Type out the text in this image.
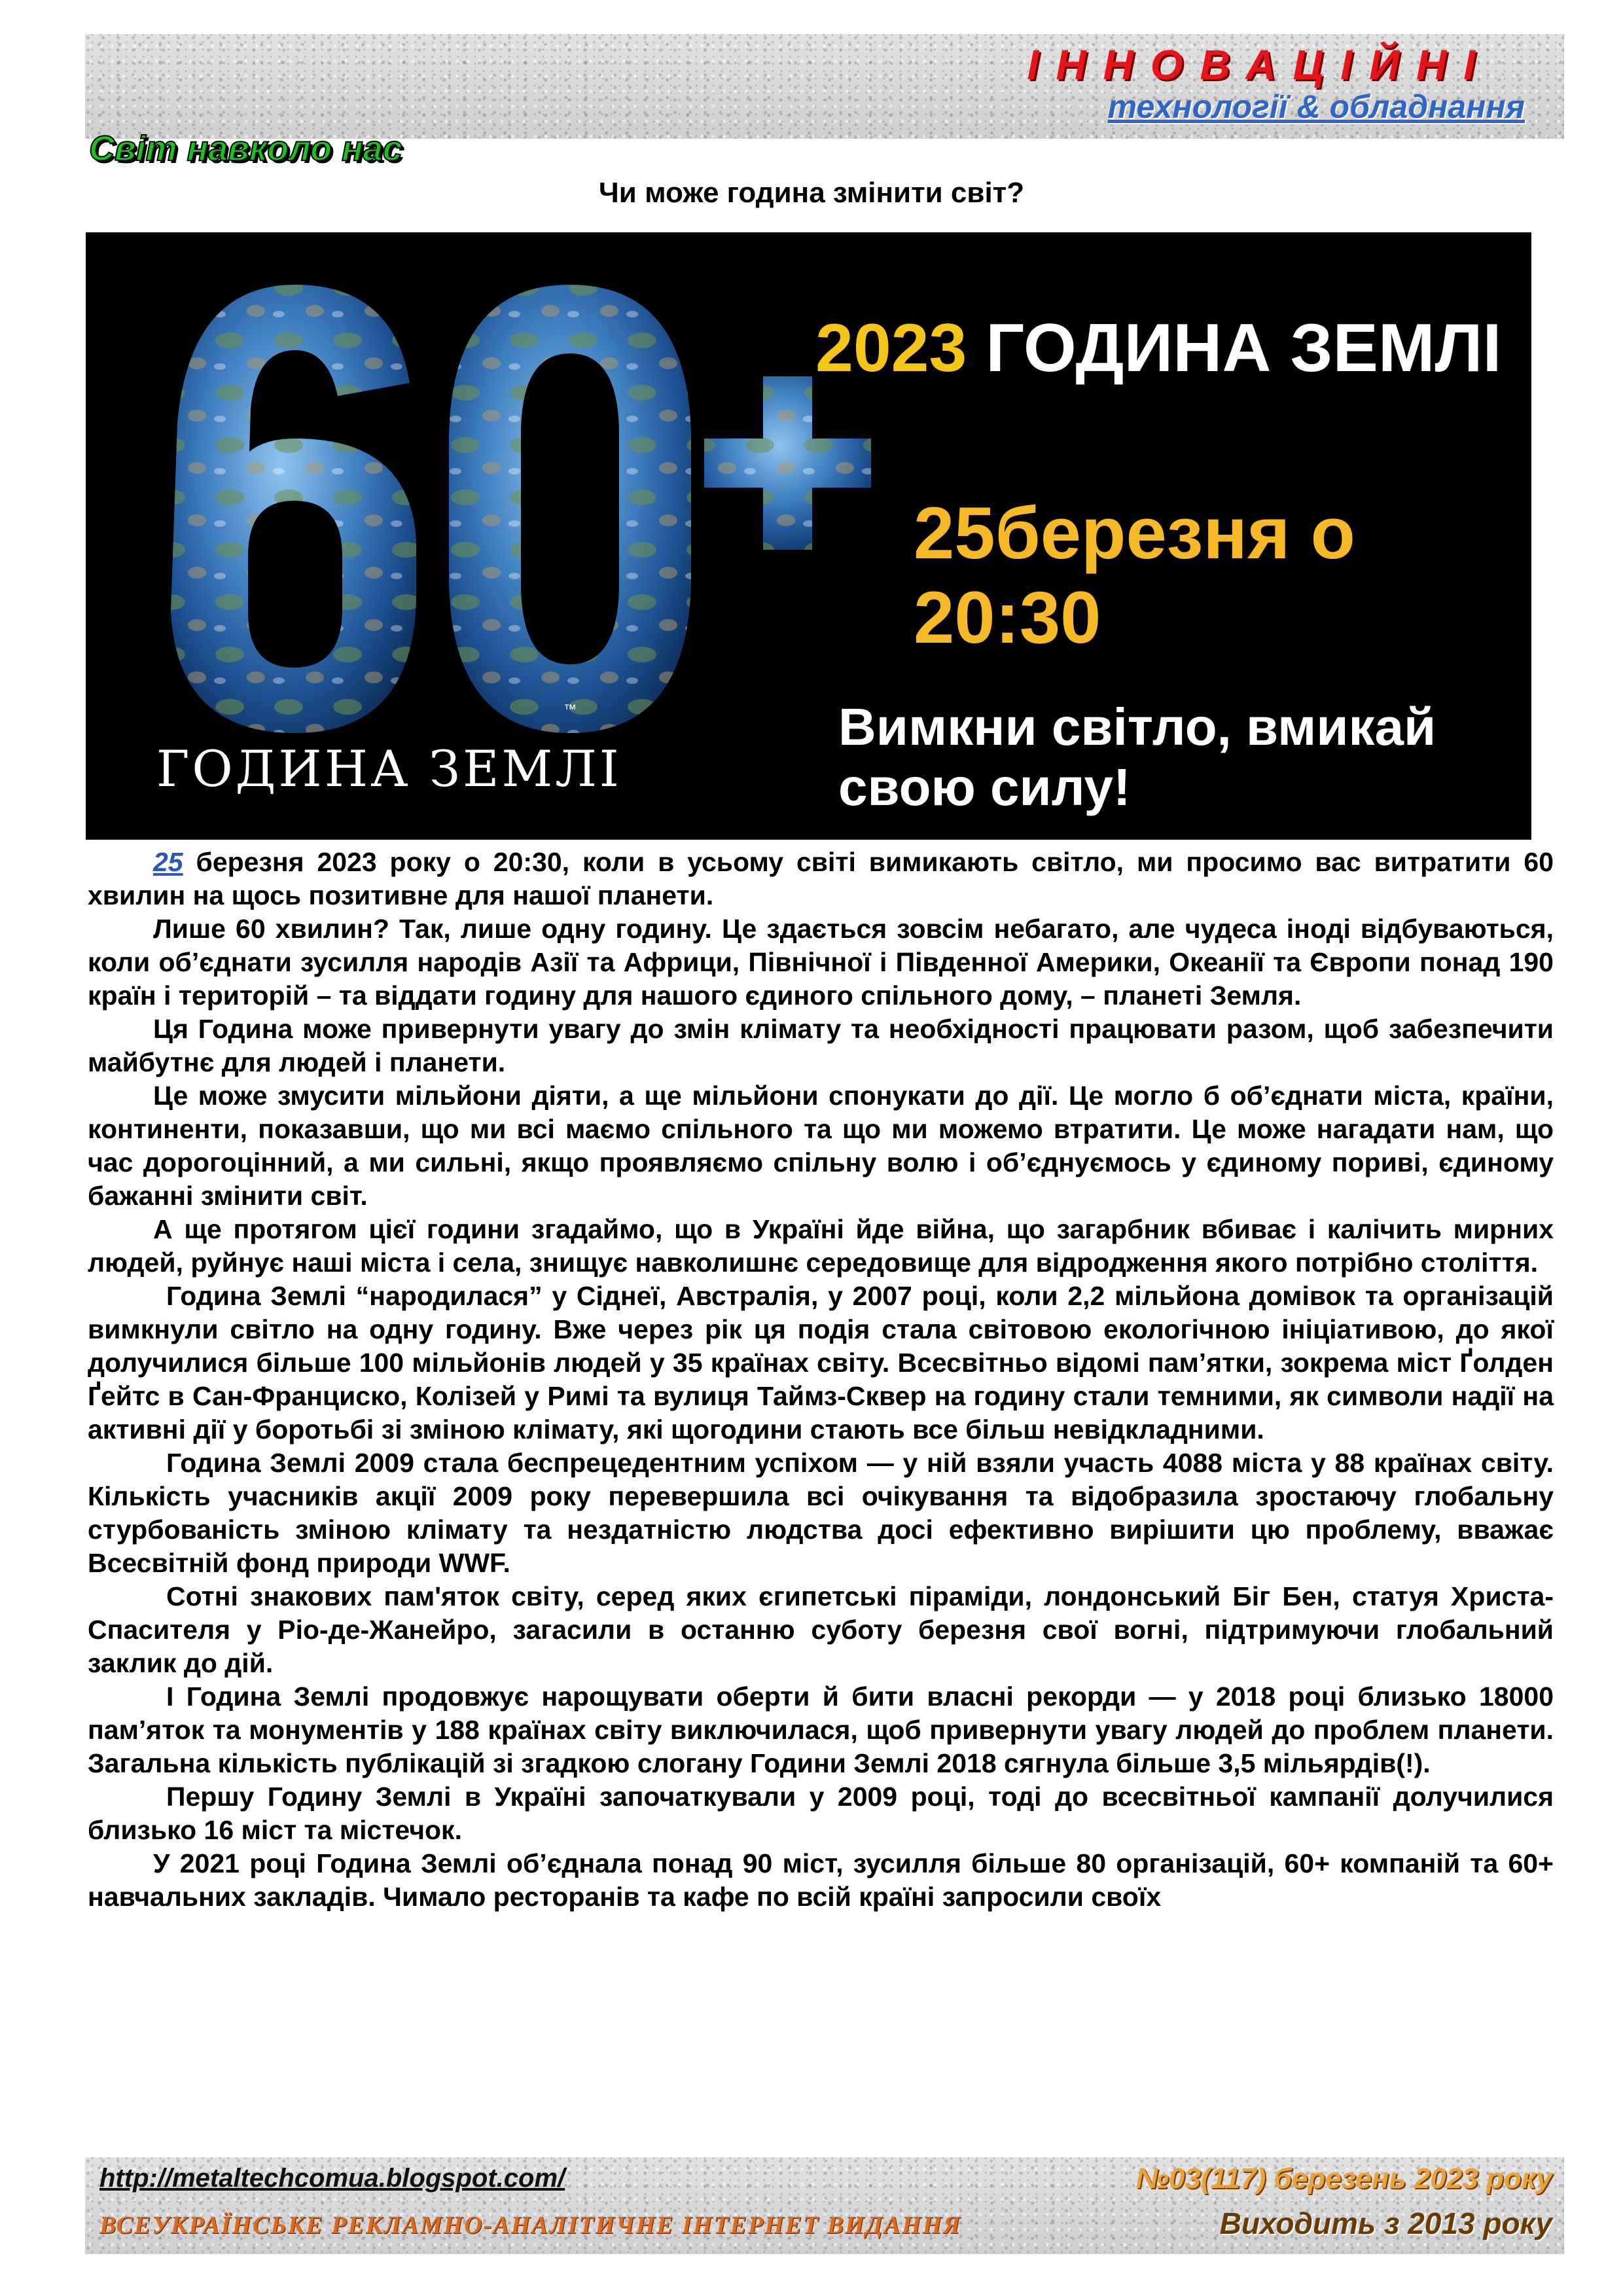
ІННОВАЦІЙНІ
технології & обладнання
Світ навколо нас
Чи може година змінити світ?
™
ГОДИНА ЗЕМЛІ
2023 ГОДИНА ЗЕМЛІ
25березня о 20:30
Вимкни світло, вмикай свою силу!

25 березня 2023 року о 20:30, коли в усьому світі вимикають світло, ми просимо вас витратити 60 хвилин на щось позитивне для нашої планети.

Лише 60 хвилин? Так, лише одну годину. Це здається зовсім небагато, але чудеса іноді відбуваються, коли об’єднати зусилля народів Азії та Африци, Північної і Південної Америки, Океанії та Європи понад 190 країн і територій – та віддати годину для нашого єдиного спільного дому, – планеті Земля.

Ця Година може привернути увагу до змін клімату та необхідності працювати разом, щоб забезпечити майбутнє для людей і планети.

Це може змусити мільйони діяти, а ще мільйони спонукати до дії. Це могло б об’єднати міста, країни, континенти, показавши, що ми всі маємо спільного та що ми можемо втратити. Це може нагадати нам, що час дорогоцінний, а ми сильні, якщо проявляємо спільну волю і об’єднуємось у єдиному пориві, єдиному бажанні змінити світ.

А ще протягом цієї години згадаймо, що в Україні йде війна, що загарбник вбиває і калічить мирних людей, руйнує наші міста і села, знищує навколишнє середовище для відродження якого потрібно століття.

Година Землі “народилася” у Сіднеї, Австралія, у 2007 році, коли 2,2 мільйона домівок та організацій вимкнули світло на одну годину. Вже через рік ця подія стала світовою екологічною ініціативою, до якої долучилися більше 100 мільйонів людей у 35 країнах світу. Всесвітньо відомі пам’ятки, зокрема міст Ґолден Ґейтс в Сан-Франциско, Колізей у Римі та вулиця Таймз-Сквер на годину стали темними, як символи надії на активні дії у боротьбі зі зміною клімату, які щогодини стають все більш невідкладними.

Година Землі 2009 стала беспрецедентним успіхом — у ній взяли участь 4088 міста у 88 країнах світу. Кількість учасників акції 2009 року перевершила всі очікування та відобразила зростаючу глобальну стурбованість зміною клімату та нездатністю людства досі ефективно вирішити цю проблему, вважає Всесвітній фонд природи WWF.

Сотні знакових пам'яток світу, серед яких єгипетські піраміди, лондонський Біг Бен, статуя Христа-Спасителя у Ріо-де-Жанейро, загасили в останню суботу березня свої вогні, підтримуючи глобальний заклик до дій.

І Година Землі продовжує нарощувати оберти й бити власні рекорди — у 2018 році близько 18000 пам’яток та монументів у 188 країнах світу виключилася, щоб привернути увагу людей до проблем планети. Загальна кількість публікацій зі згадкою слогану Години Землі 2018 сягнула більше 3,5 мільярдів(!).

Першу Годину Землі в Україні започаткували у 2009 році, тоді до всесвітньої кампанії долучилися близько 16 міст та містечок.

У 2021 році Година Землі об’єднала понад 90 міст, зусилля більше 80 організацій, 60+ компаній та 60+ навчальних закладів. Чимало ресторанів та кафе по всій країні запросили своїх

http://metaltechcomua.blogspot.com/	№03(117) березень 2023 року
ВСЕУКРАЇНСЬКЕ РЕКЛАМНО-АНАЛІТИЧНЕ ІНТЕРНЕТ ВИДАННЯ	Виходить з 2013 року
